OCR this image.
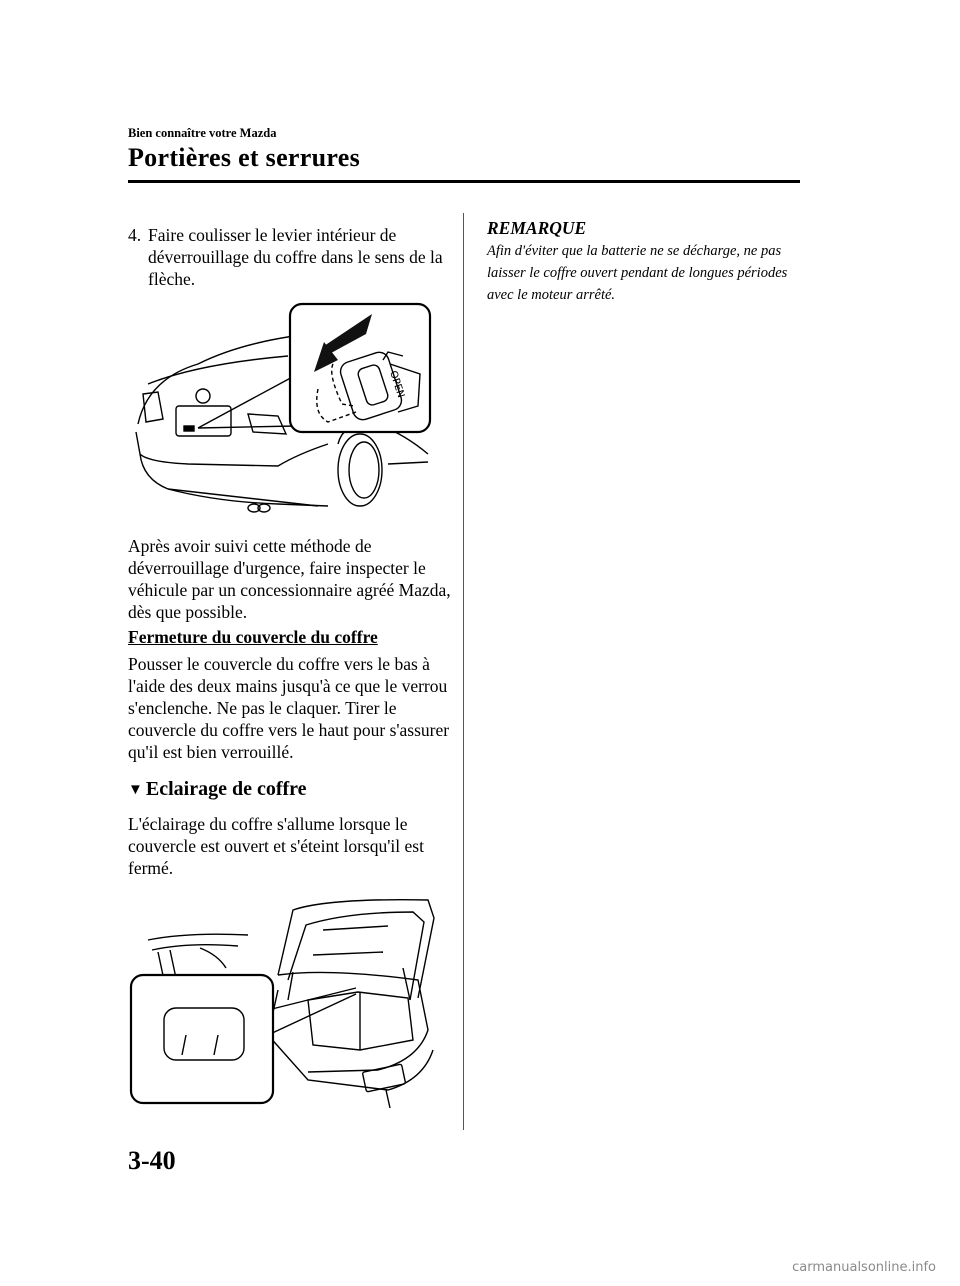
Bien connaître votre Mazda
Portières et serrures
4. Faire coulisser le levier intérieur de déverrouillage du coffre dans le sens de la flèche.
OPEN
Après avoir suivi cette méthode de déverrouillage d'urgence, faire inspecter le véhicule par un concessionnaire agréé Mazda, dès que possible.
Fermeture du couvercle du coffre
Pousser le couvercle du coffre vers le bas à l'aide des deux mains jusqu'à ce que le verrou s'enclenche. Ne pas le claquer. Tirer le couvercle du coffre vers le haut pour s'assurer qu'il est bien verrouillé.
▼ Eclairage de coffre
L'éclairage du coffre s'allume lorsque le couvercle est ouvert et s'éteint lorsqu'il est fermé.
REMARQUE
Afin d'éviter que la batterie ne se décharge, ne pas laisser le coffre ouvert pendant de longues périodes avec le moteur arrêté.
3-40
carmanualsonline.info
